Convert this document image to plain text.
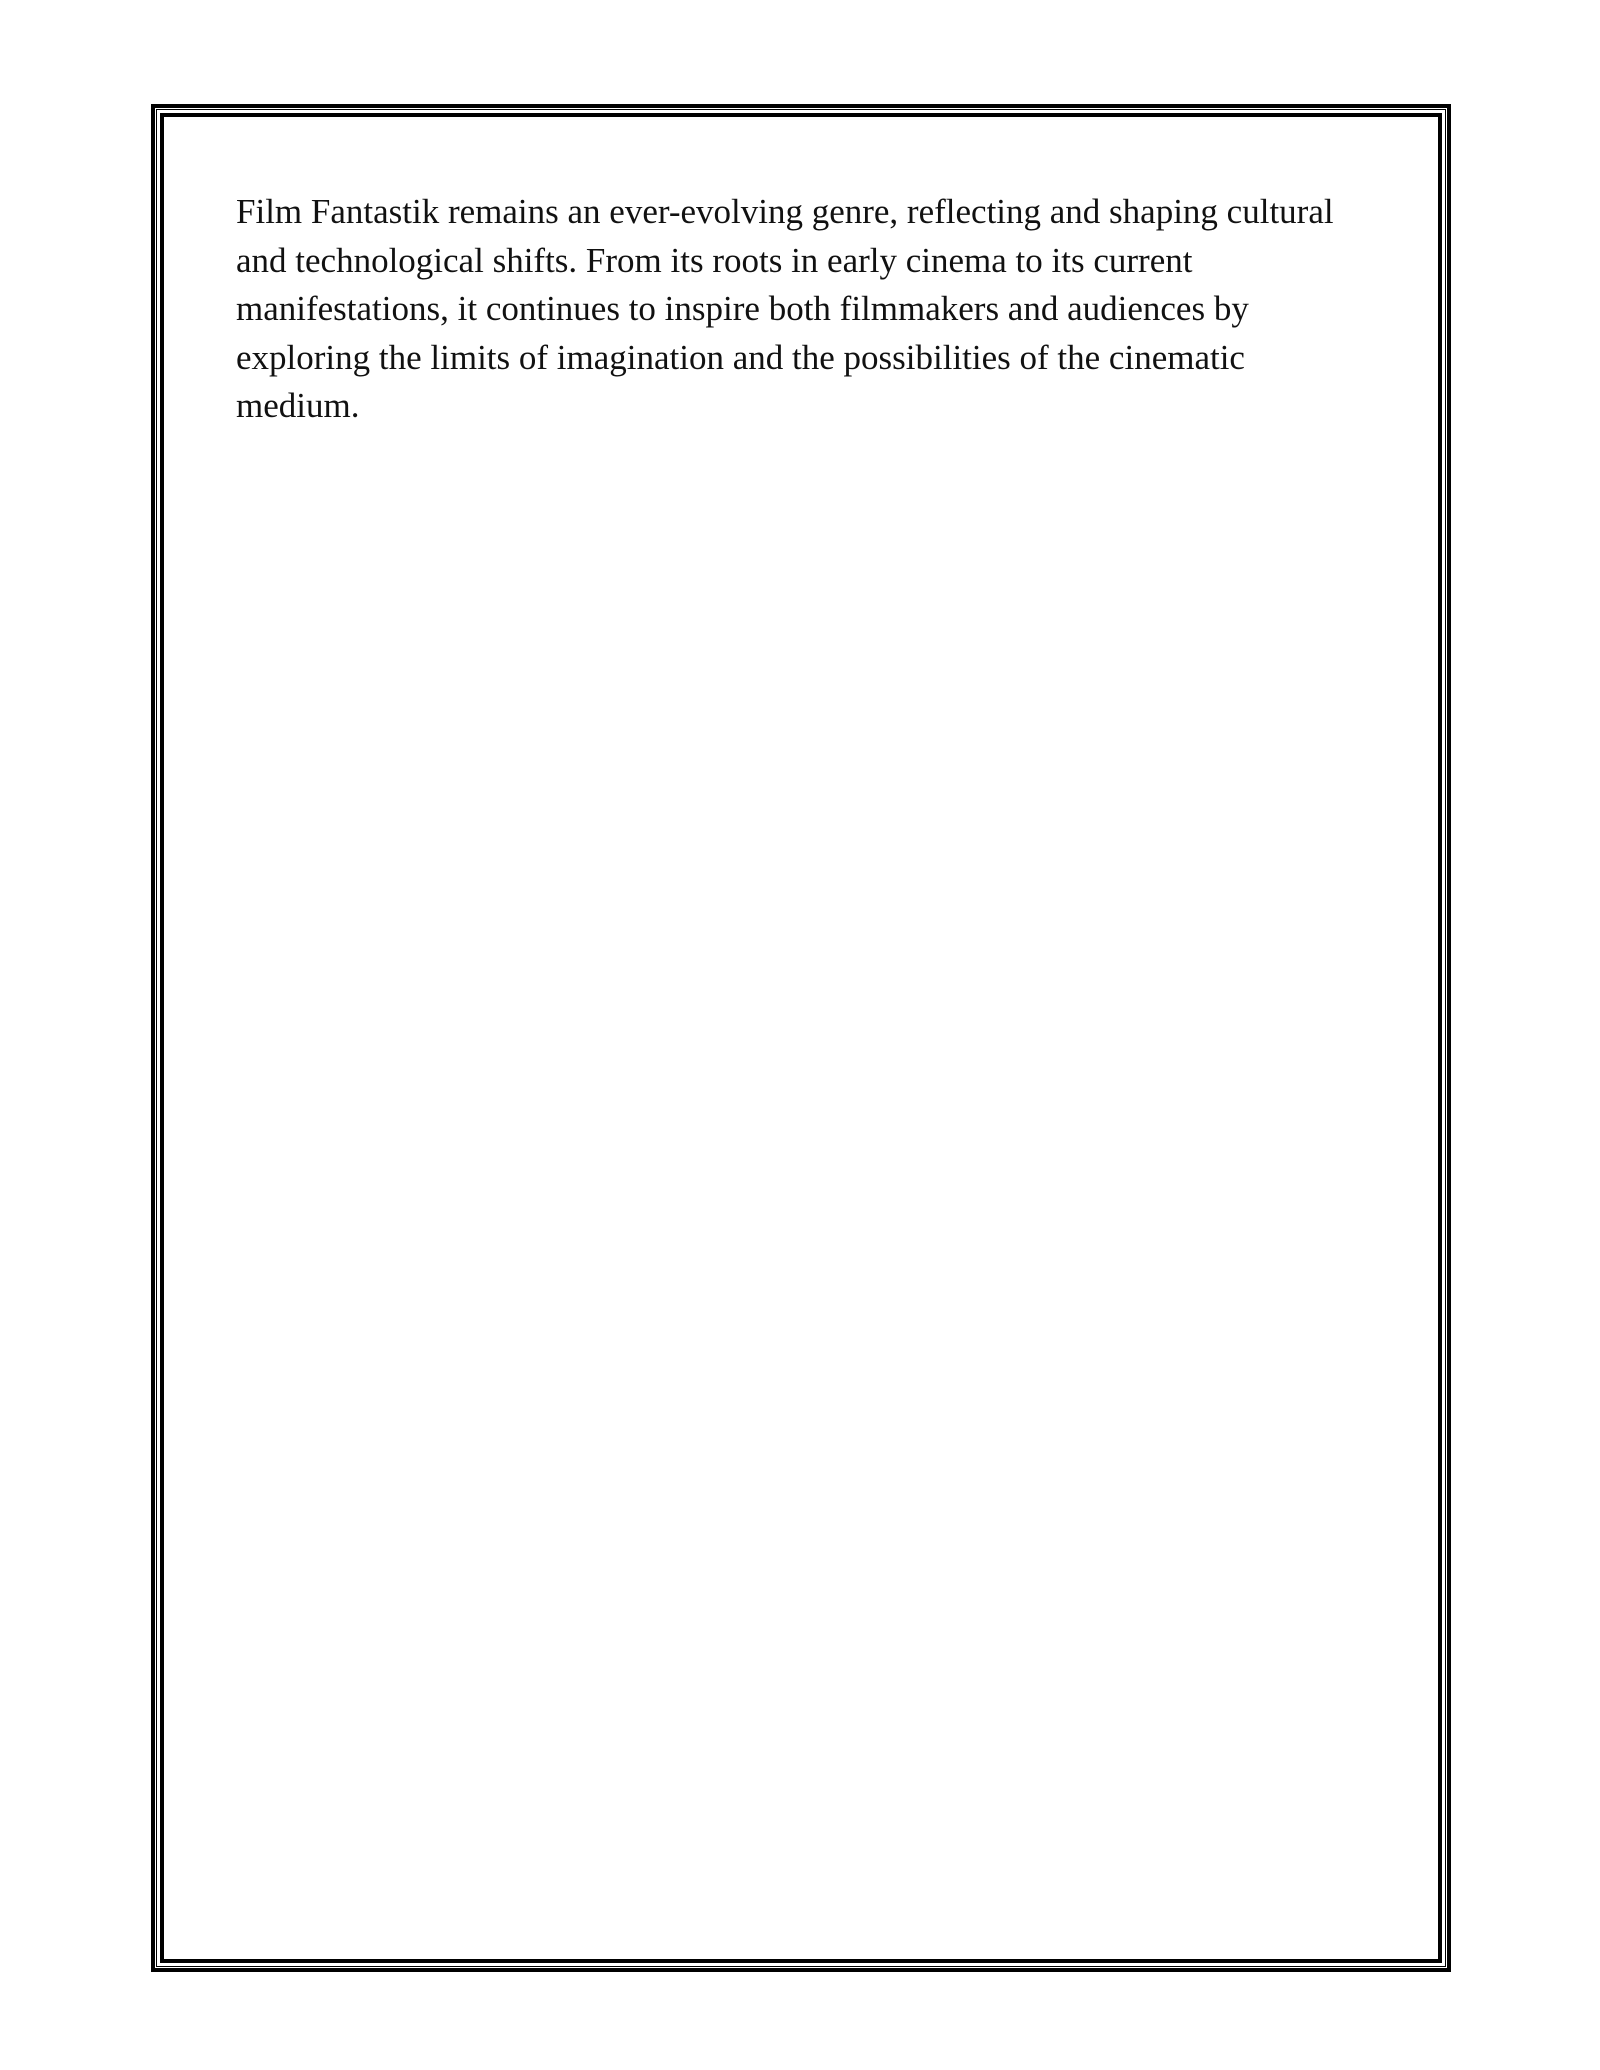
Film Fantastik remains an ever-evolving genre, reflecting and shaping cultural and technological shifts. From its roots in early cinema to its current manifestations, it continues to inspire both filmmakers and audiences by exploring the limits of imagination and the possibilities of the cinematic medium.
